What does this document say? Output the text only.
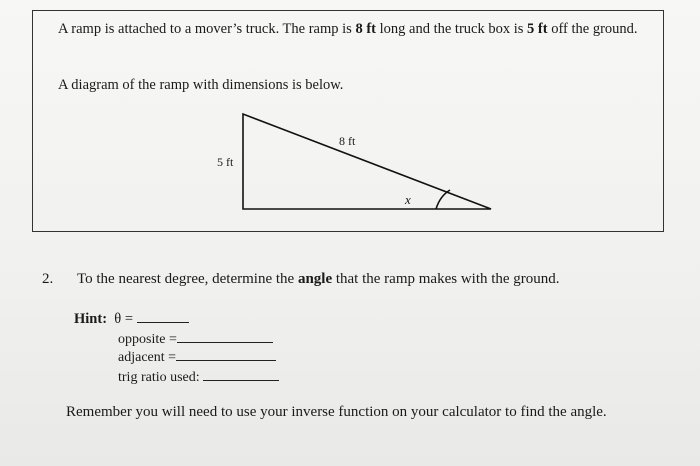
A ramp is attached to a mover’s truck. The ramp is 8 ft long and the truck box is 5 ft off the ground.
A diagram of the ramp with dimensions is below.
5 ft
8 ft
x
2. To the nearest degree, determine the angle that the ramp makes with the ground.
Hint: θ =
opposite =
adjacent =
trig ratio used:
Remember you will need to use your inverse function on your calculator to find the angle.
